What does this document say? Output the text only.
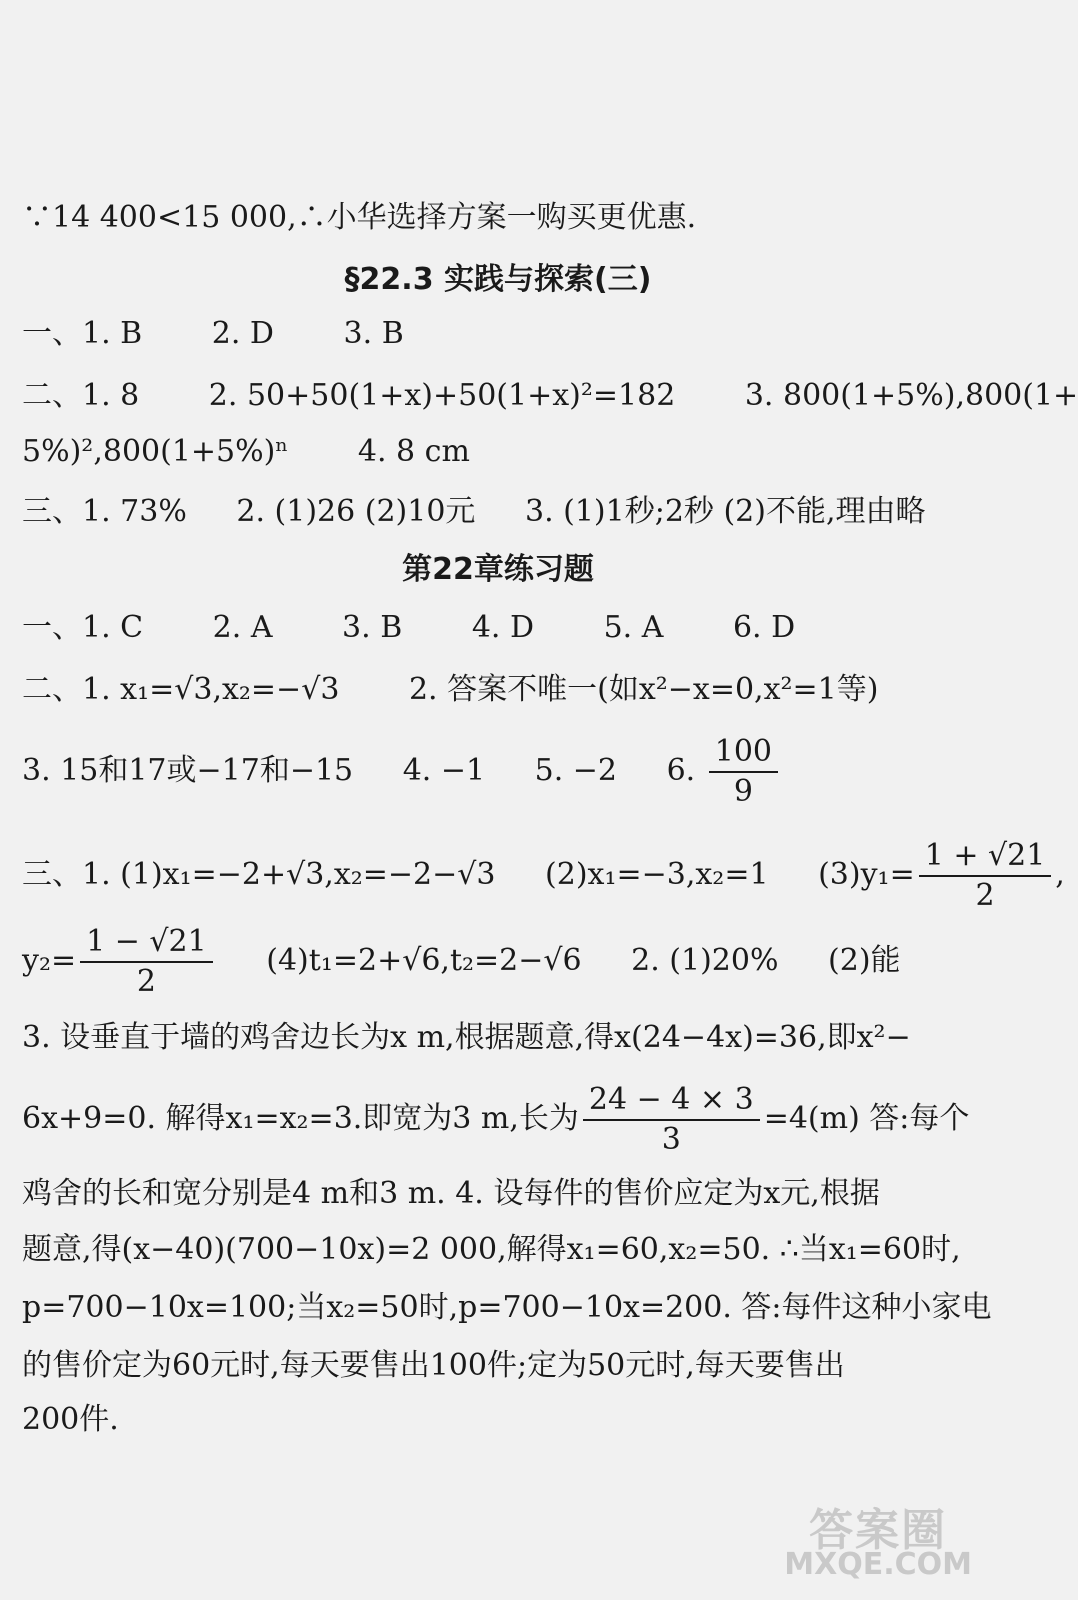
∵14 400<15 000,∴小华选择方案一购买更优惠.
§22.3 实践与探索(三)
一、1. B 2. D 3. B
二、1. 8 2. 50+50(1+x)+50(1+x)²=182 3. 800(1+5%),800(1+
5%)²,800(1+5%)ⁿ 4. 8 cm
三、1. 73% 2. (1)26 (2)10元 3. (1)1秒;2秒 (2)不能,理由略
第22章练习题
一、1. C 2. A 3. B 4. D 5. A 6. D
二、1. x₁=√3,x₂=−√3 2. 答案不唯一(如x²−x=0,x²=1等)
3. 15和17或−17和−15 4. −1 5. −2 6. $\frac{100}{9}$
三、1. (1)x₁=−2+√3,x₂=−2−√3 (2)x₁=−3,x₂=1 $(3)y_1= \frac{1 + √21}{2}$ ,
$y_2= \frac{1 - √21}{2} (4)t_1=2+√6,t_2=2-√6$ 2. (1)20% (2)能
3. 设垂直于墙的鸡舍边长为x m,根据题意,得x(24−4x)=36,即x²−
6x+9=0. 解得x₁=x₂=3.即宽为3 m,长为 $\frac{24 - 4 \times 3}{3} =4(m)$ 答:每个
鸡舍的长和宽分别是4 m和3 m. 4. 设每件的售价应定为x元,根据
题意,得(x−40)(700−10x)=2 000,解得x₁=60,x₂=50. ∴当x₁=60时,
p=700−10x=100;当x₂=50时,p=700−10x=200. 答:每件这种小家电
的售价定为60元时,每天要售出100件;定为50元时,每天要售出
200件.
答案圈
MXQE.COM
